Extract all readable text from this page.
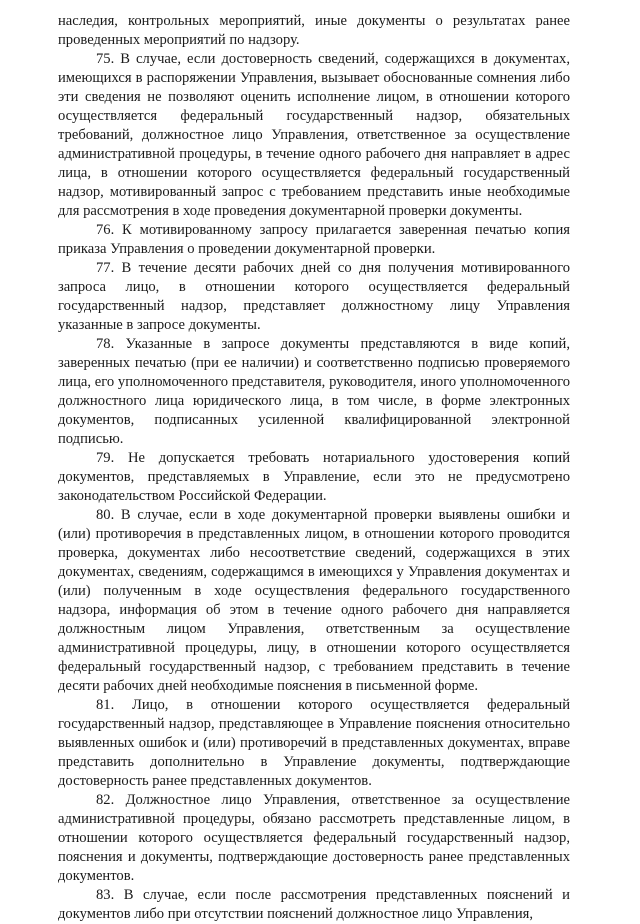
наследия, контрольных мероприятий, иные документы о результатах ранее проведенных мероприятий по надзору.

75. В случае, если достоверность сведений, содержащихся в документах, имеющихся в распоряжении Управления, вызывает обоснованные сомнения либо эти сведения не позволяют оценить исполнение лицом, в отношении которого осуществляется федеральный государственный надзор, обязательных требований, должностное лицо Управления, ответственное за осуществление административной процедуры, в течение одного рабочего дня направляет в адрес лица, в отношении которого осуществляется федеральный государственный надзор, мотивированный запрос с требованием представить иные необходимые для рассмотрения в ходе проведения документарной проверки документы.

76. К мотивированному запросу прилагается заверенная печатью копия приказа Управления о проведении документарной проверки.

77. В течение десяти рабочих дней со дня получения мотивированного запроса лицо, в отношении которого осуществляется федеральный государственный надзор, представляет должностному лицу Управления указанные в запросе документы.

78. Указанные в запросе документы представляются в виде копий, заверенных печатью (при ее наличии) и соответственно подписью проверяемого лица, его уполномоченного представителя, руководителя, иного уполномоченного должностного лица юридического лица, в том числе, в форме электронных документов, подписанных усиленной квалифицированной электронной подписью.

79. Не допускается требовать нотариального удостоверения копий документов, представляемых в Управление, если это не предусмотрено законодательством Российской Федерации.

80. В случае, если в ходе документарной проверки выявлены ошибки и (или) противоречия в представленных лицом, в отношении которого проводится проверка, документах либо несоответствие сведений, содержащихся в этих документах, сведениям, содержащимся в имеющихся у Управления документах и (или) полученным в ходе осуществления федерального государственного надзора, информация об этом в течение одного рабочего дня направляется должностным лицом Управления, ответственным за осуществление административной процедуры, лицу, в отношении которого осуществляется федеральный государственный надзор, с требованием представить в течение десяти рабочих дней необходимые пояснения в письменной форме.

81. Лицо, в отношении которого осуществляется федеральный государственный надзор, представляющее в Управление пояснения относительно выявленных ошибок и (или) противоречий в представленных документах, вправе представить дополнительно в Управление документы, подтверждающие достоверность ранее представленных документов.

82. Должностное лицо Управления, ответственное за осуществление административной процедуры, обязано рассмотреть представленные лицом, в отношении которого осуществляется федеральный государственный надзор, пояснения и документы, подтверждающие достоверность ранее представленных документов.

83. В случае, если после рассмотрения представленных пояснений и документов либо при отсутствии пояснений должностное лицо Управления,
